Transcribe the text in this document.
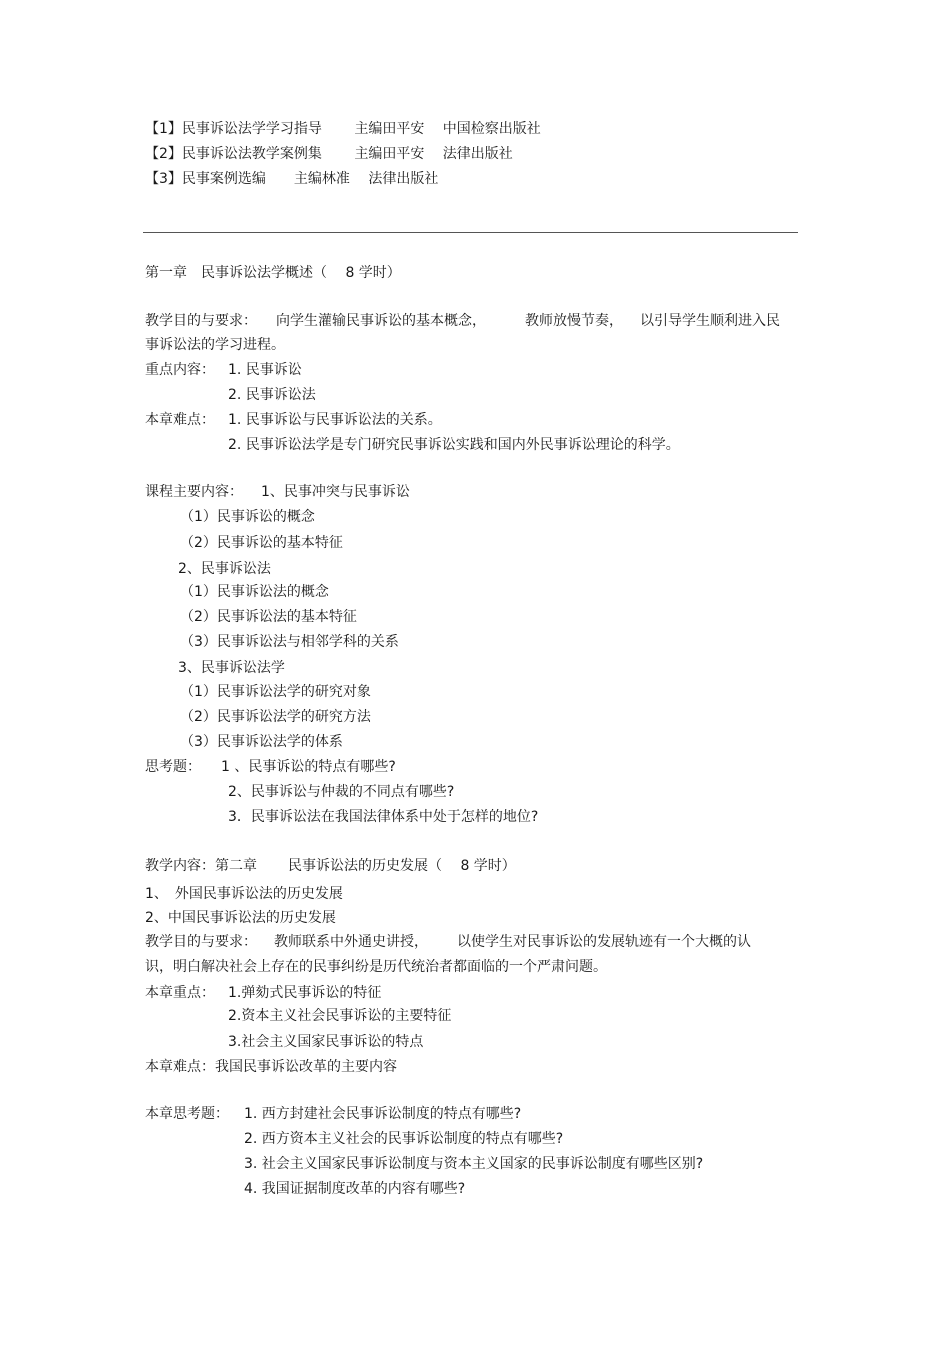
【1】民事诉讼法学学习指导　　 主编田平安　 中国检察出版社
【2】民事诉讼法教学案例集　　 主编田平安　 法律出版社
【3】民事案例选编　　主编林准　 法律出版社
第一章　民事诉讼法学概述（　 8 学时）
教学目的与要求： 向学生灌输民事诉讼的基本概念，	教师放慢节奏， 以引导学生顺利进入民
事诉讼法的学习进程。
重点内容： 1. 民事诉讼
2. 民事诉讼法
本章难点： 1. 民事诉讼与民事诉讼法的关系。
2. 民事诉讼法学是专门研究民事诉讼实践和国内外民事诉讼理论的科学。
课程主要内容： 1、民事冲突与民事诉讼
（1）民事诉讼的概念
（2）民事诉讼的基本特征
2、民事诉讼法
（1）民事诉讼法的概念
（2）民事诉讼法的基本特征
（3）民事诉讼法与相邻学科的关系
3、民事诉讼法学
（1）民事诉讼法学的研究对象
（2）民事诉讼法学的研究方法
（3）民事诉讼法学的体系
思考题： 1 、民事诉讼的特点有哪些?
2、民事诉讼与仲裁的不同点有哪些?
3．民事诉讼法在我国法律体系中处于怎样的地位?
教学内容：第二章 民事诉讼法的历史发展（　 8 学时）
1、　外国民事诉讼法的历史发展
2、中国民事诉讼法的历史发展
教学目的与要求： 教师联系中外通史讲授， 以使学生对民事诉讼的发展轨迹有一个大概的认
识，明白解决社会上存在的民事纠纷是历代统治者都面临的一个严肃问题。
本章重点： 1.弹劾式民事诉讼的特征
2.资本主义社会民事诉讼的主要特征
3.社会主义国家民事诉讼的特点
本章难点：我国民事诉讼改革的主要内容
本章思考题： 1. 西方封建社会民事诉讼制度的特点有哪些?
2. 西方资本主义社会的民事诉讼制度的特点有哪些?
3. 社会主义国家民事诉讼制度与资本主义国家的民事诉讼制度有哪些区别?
4. 我国证据制度改革的内容有哪些?
